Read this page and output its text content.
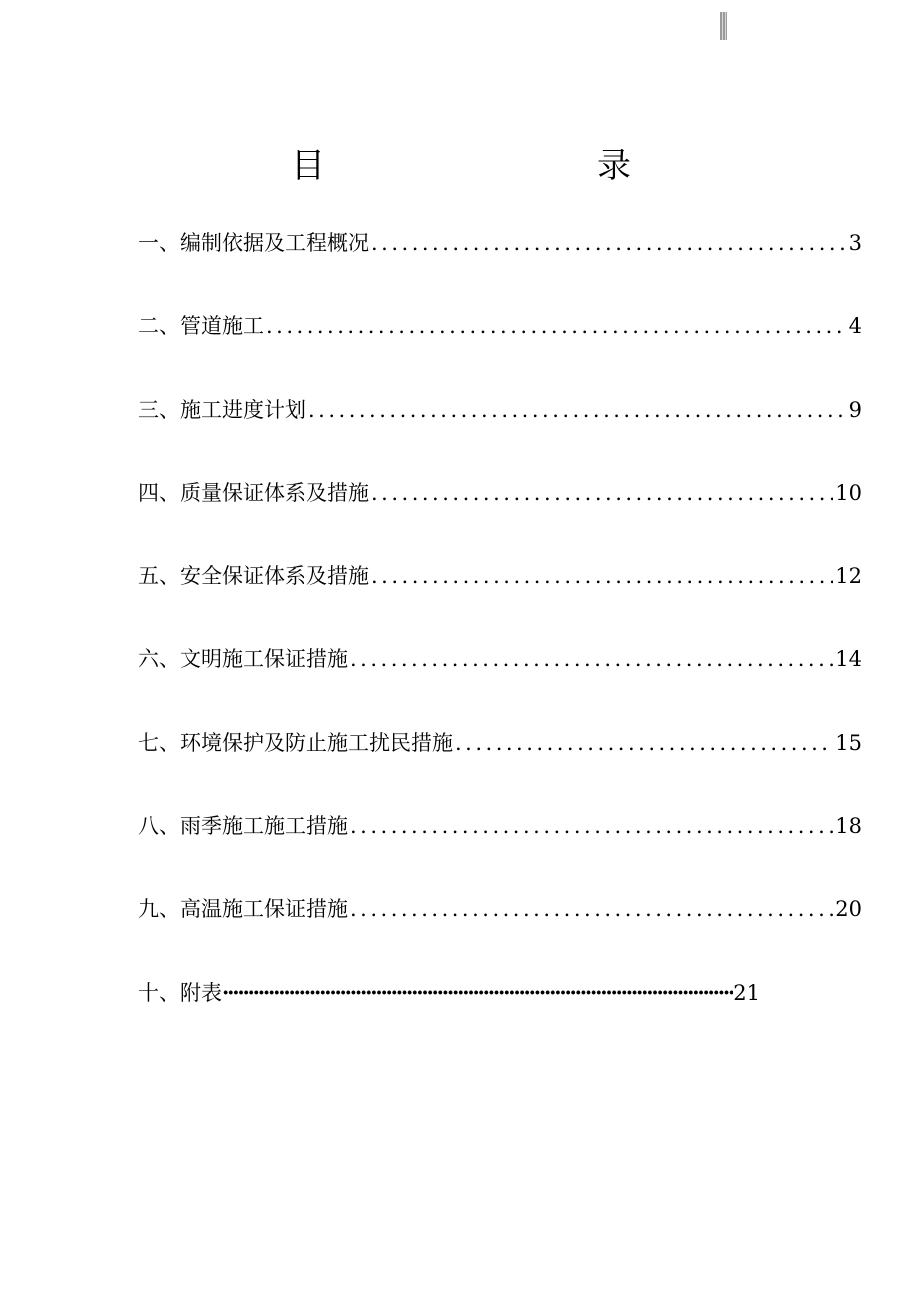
目	录
一、编制依据及工程概况 .....	3
二、管道施工 .....	4
三、施工进度计划 .....	9
四、质量保证体系及措施 .....	10
五、安全保证体系及措施 .....	12
六、文明施工保证措施 .....	14
七、环境保护及防止施工扰民措施 .....	15
八、雨季施工施工措施 .....	18
九、高温施工保证措施 .....	20
十、附表 ·····	21
